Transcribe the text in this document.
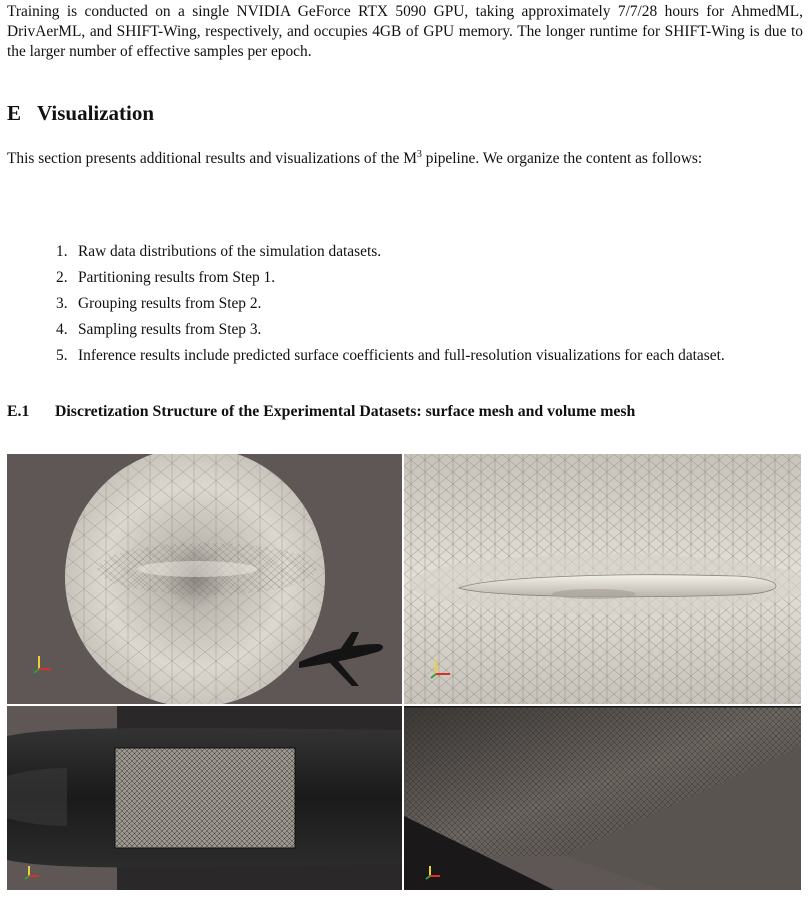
Training is conducted on a single NVIDIA GeForce RTX 5090 GPU, taking approximately 7/7/28 hours for AhmedML, DrivAerML, and SHIFT-Wing, respectively, and occupies 4GB of GPU memory. The longer runtime for SHIFT-Wing is due to the larger number of effective samples per epoch.

E Visualization

This section presents additional results and visualizations of the $M^3$ pipeline. We organize the content as follows:

1. Raw data distributions of the simulation datasets.
2. Partitioning results from Step 1.
3. Grouping results from Step 2.
4. Sampling results from Step 3.
5. Inference results include predicted surface coefficients and full-resolution visualizations for each dataset.
E.1 Discretization Structure of the Experimental Datasets: surface mesh and volume mesh
